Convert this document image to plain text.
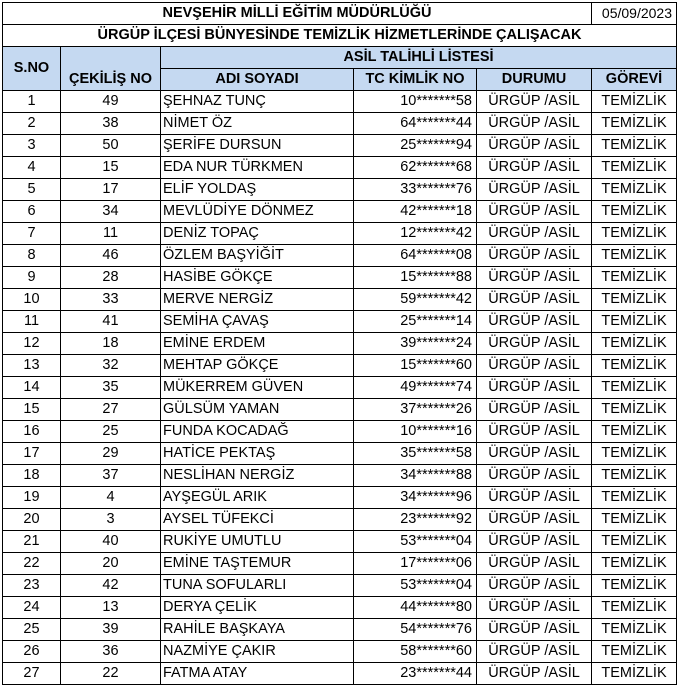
NEVŞEHİR MİLLİ EĞİTİM MÜDÜRLÜĞÜ					05/09/2023
ÜRGÜP İLÇESİ BÜNYESİNDE TEMİZLİK HİZMETLERİNDE ÇALIŞACAK					
S.NO	ÇEKİLİŞ NO	ASİL TALİHLİ LİSTESİ			
		ADI SOYADI	TC KİMLİK NO	DURUMU	GÖREVİ
1	49	ŞEHNAZ TUNÇ	10*******58	ÜRGÜP /ASİL	TEMİZLİK
2	38	NİMET ÖZ	64*******44	ÜRGÜP /ASİL	TEMİZLİK
3	50	ŞERİFE DURSUN	25*******94	ÜRGÜP /ASİL	TEMİZLİK
4	15	EDA NUR TÜRKMEN	62*******68	ÜRGÜP /ASİL	TEMİZLİK
5	17	ELİF YOLDAŞ	33*******76	ÜRGÜP /ASİL	TEMİZLİK
6	34	MEVLÜDİYE DÖNMEZ	42*******18	ÜRGÜP /ASİL	TEMİZLİK
7	11	DENİZ TOPAÇ	12*******42	ÜRGÜP /ASİL	TEMİZLİK
8	46	ÖZLEM BAŞYİĞİT	64*******08	ÜRGÜP /ASİL	TEMİZLİK
9	28	HASİBE GÖKÇE	15*******88	ÜRGÜP /ASİL	TEMİZLİK
10	33	MERVE NERGİZ	59*******42	ÜRGÜP /ASİL	TEMİZLİK
11	41	SEMİHA ÇAVAŞ	25*******14	ÜRGÜP /ASİL	TEMİZLİK
12	18	EMİNE ERDEM	39*******24	ÜRGÜP /ASİL	TEMİZLİK
13	32	MEHTAP GÖKÇE	15*******60	ÜRGÜP /ASİL	TEMİZLİK
14	35	MÜKERREM GÜVEN	49*******74	ÜRGÜP /ASİL	TEMİZLİK
15	27	GÜLSÜM YAMAN	37*******26	ÜRGÜP /ASİL	TEMİZLİK
16	25	FUNDA KOCADAĞ	10*******16	ÜRGÜP /ASİL	TEMİZLİK
17	29	HATİCE PEKTAŞ	35*******58	ÜRGÜP /ASİL	TEMİZLİK
18	37	NESLİHAN NERGİZ	34*******88	ÜRGÜP /ASİL	TEMİZLİK
19	4	AYŞEGÜL ARIK	34*******96	ÜRGÜP /ASİL	TEMİZLİK
20	3	AYSEL TÜFEKCİ	23*******92	ÜRGÜP /ASİL	TEMİZLİK
21	40	RUKİYE UMUTLU	53*******04	ÜRGÜP /ASİL	TEMİZLİK
22	20	EMİNE TAŞTEMUR	17*******06	ÜRGÜP /ASİL	TEMİZLİK
23	42	TUNA SOFULARLI	53*******04	ÜRGÜP /ASİL	TEMİZLİK
24	13	DERYA ÇELİK	44*******80	ÜRGÜP /ASİL	TEMİZLİK
25	39	RAHİLE BAŞKAYA	54*******76	ÜRGÜP /ASİL	TEMİZLİK
26	36	NAZMİYE ÇAKIR	58*******60	ÜRGÜP /ASİL	TEMİZLİK
27	22	FATMA ATAY	23*******44	ÜRGÜP /ASİL	TEMİZLİK
